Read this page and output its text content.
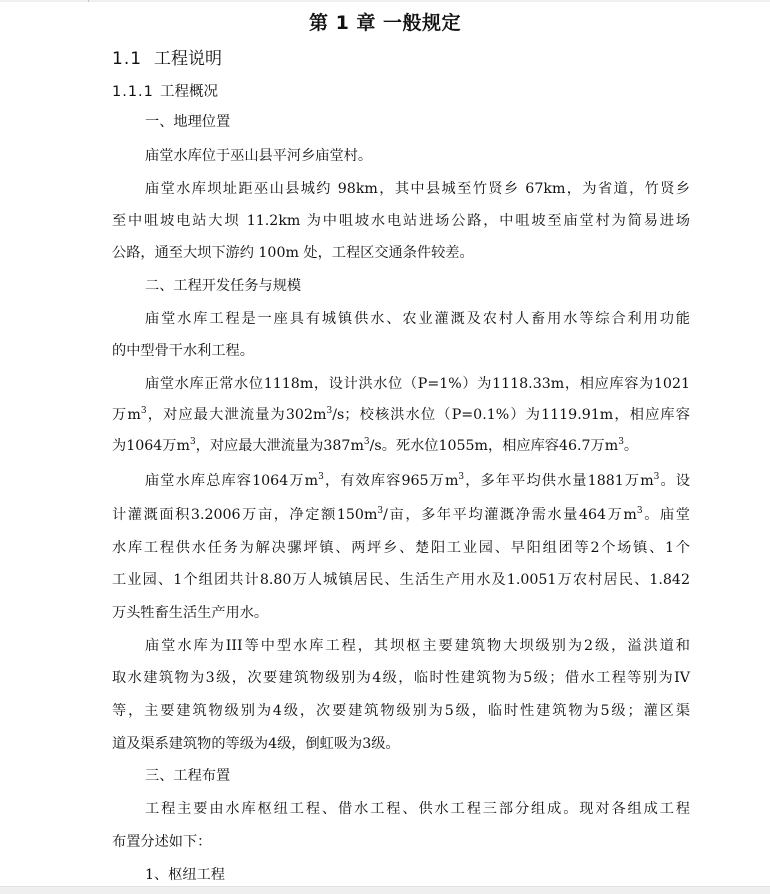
第 1 章 一般规定
1.1 工程说明
1.1.1 工程概况
一、地理位置
庙堂水库位于巫山县平河乡庙堂村。
庙堂水库坝址距巫山县城约 98km，其中县城至竹贤乡 67km，为省道，竹贤乡
至中咀坡电站大坝 11.2km 为中咀坡水电站进场公路，中咀坡至庙堂村为简易进场
公路，通至大坝下游约 100m 处，工程区交通条件较差。
二、工程开发任务与规模
庙堂水库工程是一座具有城镇供水、农业灌溉及农村人畜用水等综合利用功能
的中型骨干水利工程。
庙堂水库正常水位1118m，设计洪水位（P=1%）为1118.33m，相应库容为1021
万$m^3$，对应最大泄流量为$302m^3/s$；校核洪水位（P=0.1%）为1119.91m，相应库容
为1064万$m^3$，对应最大泄流量为$387m^3/s$。死水位1055m，相应库容46.7万$m^3$。
庙堂水库总库容1064万$m^3$，有效库容965万$m^3$，多年平均供水量1881万$m^3$。设
计灌溉面积3.2006万亩，净定额$150m^3/$亩，多年平均灌溉净需水量464万$m^3$。庙堂
水库工程供水任务为解决骡坪镇、两坪乡、楚阳工业园、早阳组团等2个场镇、1个
工业园、1个组团共计8.80万人城镇居民、生活生产用水及1.0051万农村居民、1.842
万头牲畜生活生产用水。
庙堂水库为III等中型水库工程，其坝枢主要建筑物大坝级别为2级，溢洪道和
取水建筑物为3级，次要建筑物级别为4级，临时性建筑物为5级；借水工程等别为IV
等，主要建筑物级别为4级，次要建筑物级别为5级，临时性建筑物为5级；灌区渠
道及渠系建筑物的等级为4级，倒虹吸为3级。
三、工程布置
工程主要由水库枢纽工程、借水工程、供水工程三部分组成。现对各组成工程
布置分述如下：
1、枢纽工程
